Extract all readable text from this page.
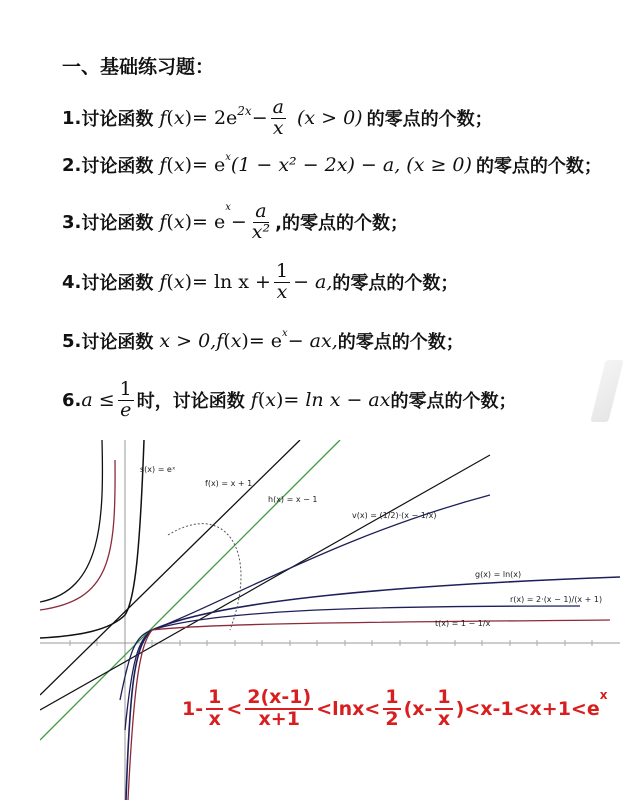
一、基础练习题：
1. 讨论函数 f ( x ) = $2e^{2x} - \frac{a}{x} (x > 0)$ 的零点的个数；
2. 讨论函数 f ( x ) = $e^x$ (1 − x² − 2x) − a, (x ≥ 0) 的零点的个数；
3. 讨论函数 f ( x ) = e
$^x$
− $\frac{a}{\text{x²}}$ ,的零点的个数；
4. 讨论函数 f ( x ) = $\ln x + \frac{1}{x} - a$, 的零点的个数；
5. 讨论函数 x > 0, f ( x ) = $e^x$ − ax, 的零点的个数；
6. $a \le \frac{1}{e}$ 时，讨论函数 f ( x ) = ln x − ax 的零点的个数；
s(x) = eˣ
f(x) = x + 1
h(x) = x − 1
v(x) = (1/2)·(x − 1/x)
g(x) = ln(x)
r(x) = 2·(x − 1)/(x + 1)
t(x) = 1 − 1/x
$1- \frac{1}{x} < \frac{2(x-1)}{x+1} <\ln x< \frac{1}{2} (x- \frac{1}{x} )<x-1<x+1<e$
$^x$
